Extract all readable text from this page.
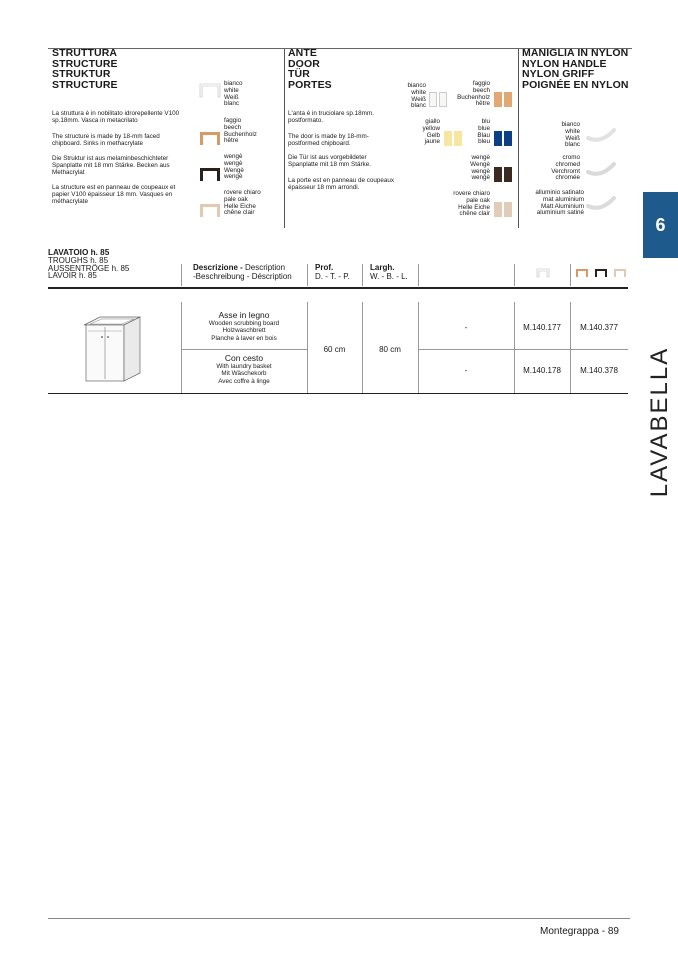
STRUTTURA
STRUCTURE
STRUKTUR
STRUCTURE
La struttura è in nobilitato idrorepellente V100 sp.18mm. Vasca in metacrilato
The structure is made by 18-mm faced chipboard. Sinks in methacrylate
Die Struktur ist aus melaminbeschichteter Spanplatte mit 18 mm Stärke. Becken aus Methacrylat
La structure est en panneau de coupeaux et papier V100 épaisseur 18 mm. Vasques en méthacrylate
bianco
white
Weiß
blanc
faggio
beech
Buchenholz
hêtre
wengè
wengè
Wengè
wengè
rovere chiaro
pale oak
Helle Eiche
chêne clair
ANTE
DOOR
TÜR
PORTES
L'anta è in truciolare sp.18mm. postformato.
The door is made by 18-mm-postformed chipboard.
Die Tür ist aus vorgebildeter Spanplatte mit 18 mm Stärke.
La porte est en panneau de coupeaux épaisseur 18 mm arrondi.
bianco
white
Weiß
blanc
giallo
yellow
Gelb
jaune
faggio
beech
Buchenholz
hêtre
blu
blue
Blau
bleu
wengè
Wengè
wengè
wengè
rovere chiaro
pale oak
Helle Eiche
chêne clair
MANIGLIA IN NYLON
NYLON HANDLE
NYLON GRIFF
POIGNÉE EN NYLON
bianco
white
Weiß
blanc
cromo
chromed
Verchromt
chromée
alluminio satinato
mat aluminium
Matt Aluminium
aluminium satiné
6
LAVABELLA
LAVATOIO h. 85
TROUGHS h. 85
AUSSENTRÖGE h. 85
LAVOIR h. 85
Descrizione - Description
-Beschreibung - Déscription
Prof.
D. - T. - P.
Largh.
W. - B. - L.
Asse in legno
Wooden scrubbing board
Holzwaschbrett
Planche à laver en bois
Con cesto
With laundry basket
Mit Wäschekorb
Avec coffre à linge
60 cm	80 cm
-	M.140.177	M.140.377
-	M.140.178	M.140.378
Montegrappa - 89
